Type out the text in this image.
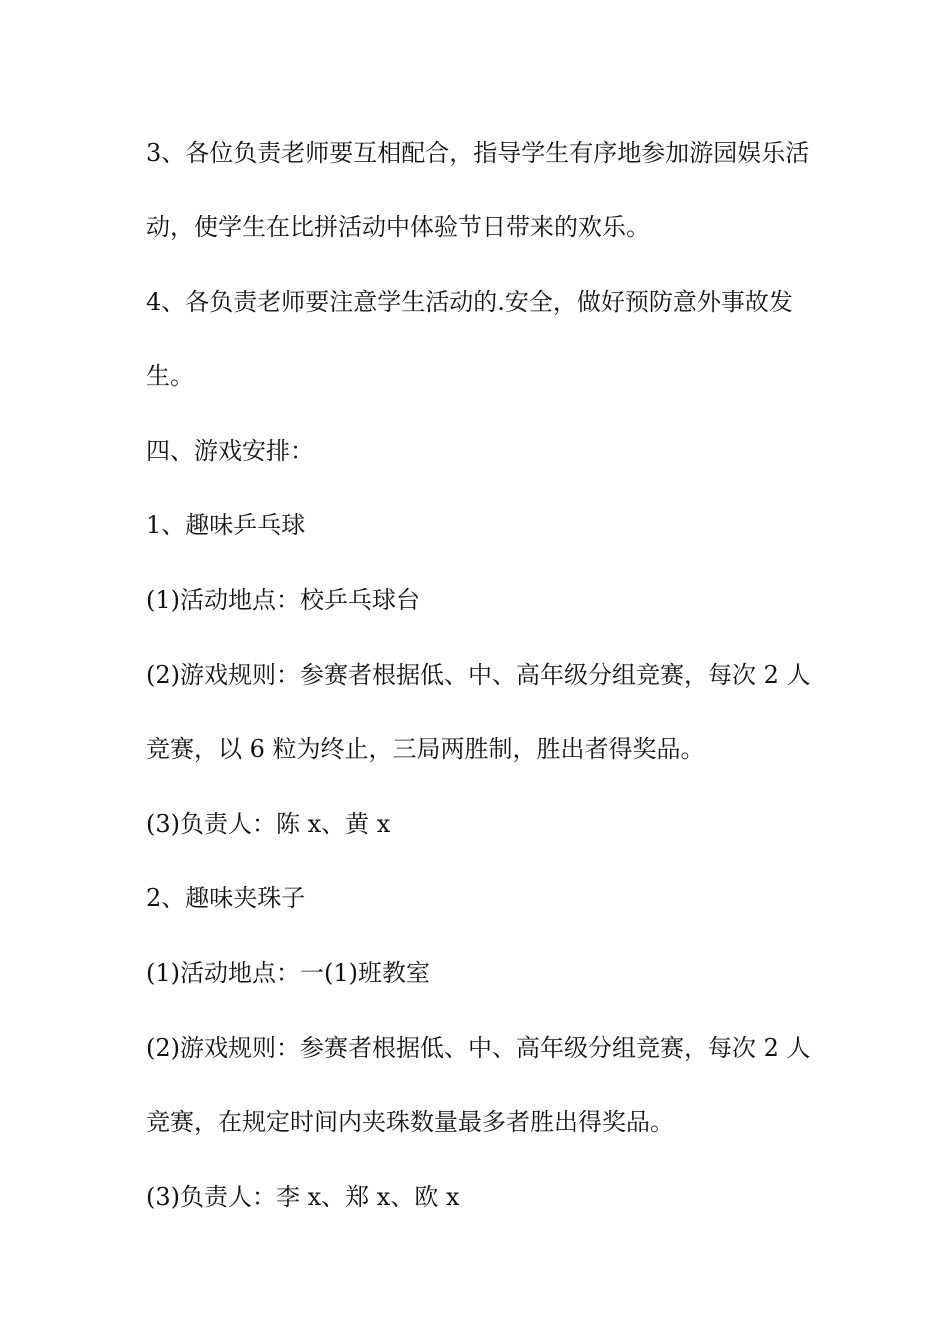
3、各位负责老师要互相配合，指导学生有序地参加游园娱乐活
动，使学生在比拼活动中体验节日带来的欢乐。
4、各负责老师要注意学生活动的.安全，做好预防意外事故发
生。
四、游戏安排：
1、趣味乒乓球
(1)活动地点：校乒乓球台
(2)游戏规则：参赛者根据低、中、高年级分组竞赛，每次 2 人
竞赛，以 6 粒为终止，三局两胜制，胜出者得奖品。
(3)负责人：陈 x、黄 x
2、趣味夹珠子
(1)活动地点：一(1)班教室
(2)游戏规则：参赛者根据低、中、高年级分组竞赛，每次 2 人
竞赛，在规定时间内夹珠数量最多者胜出得奖品。
(3)负责人：李 x、郑 x、欧 x
